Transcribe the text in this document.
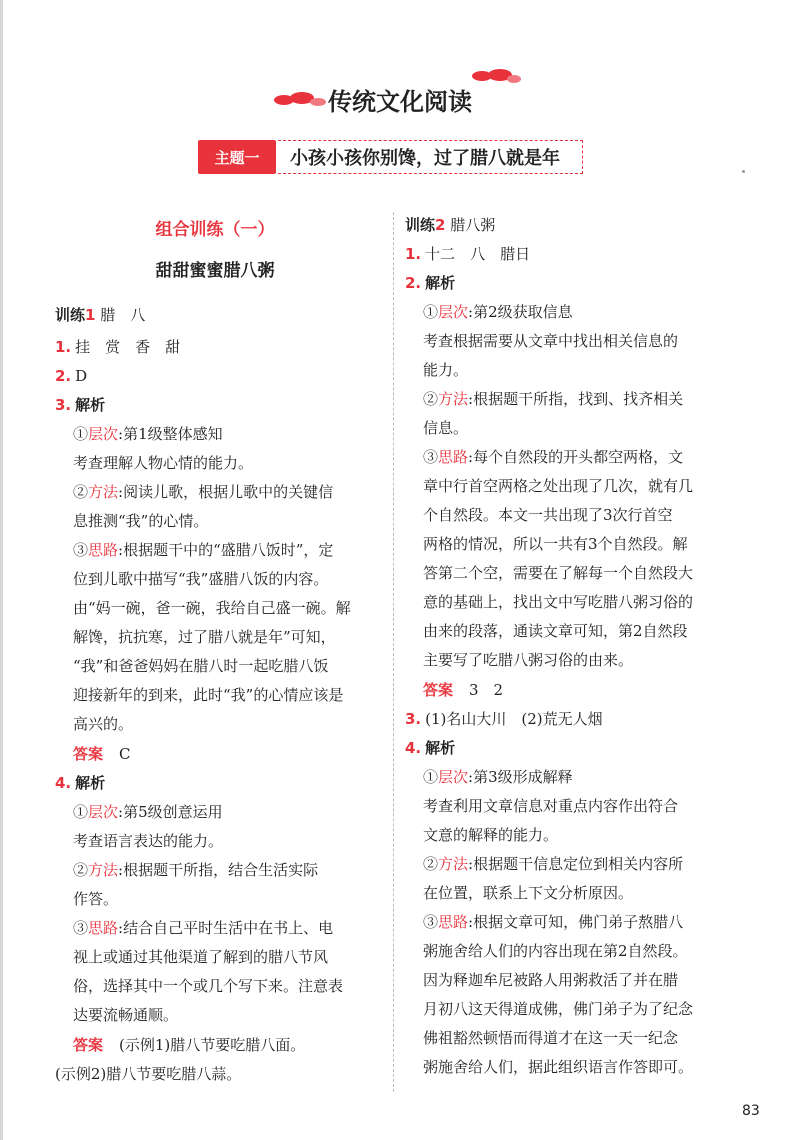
传统文化阅读
主题一	小孩小孩你别馋，过了腊八就是年
组合训练（一）
甜甜蜜蜜腊八粥
83
训练1 腊　八
1. 挂　赏　香　甜
2. D
3. 解析
①层次:第1级整体感知
考查理解人物心情的能力。
②方法:阅读儿歌，根据儿歌中的关键信
息推测“我”的心情。
③思路:根据题干中的“盛腊八饭时”，定
位到儿歌中描写“我”盛腊八饭的内容。
由“妈一碗，爸一碗，我给自己盛一碗。解
解馋，抗抗寒，过了腊八就是年”可知，
“我”和爸爸妈妈在腊八时一起吃腊八饭
迎接新年的到来，此时“我”的心情应该是
高兴的。
答案 C
4. 解析
①层次:第5级创意运用
考查语言表达的能力。
②方法:根据题干所指，结合生活实际
作答。
③思路:结合自己平时生活中在书上、电
视上或通过其他渠道了解到的腊八节风
俗，选择其中一个或几个写下来。注意表
达要流畅通顺。
答案 (示例1)腊八节要吃腊八面。
(示例2)腊八节要吃腊八蒜。
训练2 腊八粥
1. 十二　八　腊日
2. 解析
①层次:第2级获取信息
考查根据需要从文章中找出相关信息的
能力。
②方法:根据题干所指，找到、找齐相关
信息。
③思路:每个自然段的开头都空两格，文
章中行首空两格之处出现了几次，就有几
个自然段。本文一共出现了3次行首空
两格的情况，所以一共有3个自然段。解
答第二个空，需要在了解每一个自然段大
意的基础上，找出文中写吃腊八粥习俗的
由来的段落，通读文章可知，第2自然段
主要写了吃腊八粥习俗的由来。
答案 3　2
3. (1)名山大川　(2)荒无人烟
4. 解析
①层次:第3级形成解释
考查利用文章信息对重点内容作出符合
文意的解释的能力。
②方法:根据题干信息定位到相关内容所
在位置，联系上下文分析原因。
③思路:根据文章可知，佛门弟子熬腊八
粥施舍给人们的内容出现在第2自然段。
因为释迦牟尼被路人用粥救活了并在腊
月初八这天得道成佛，佛门弟子为了纪念
佛祖豁然顿悟而得道才在这一天一纪念
粥施舍给人们，据此组织语言作答即可。
